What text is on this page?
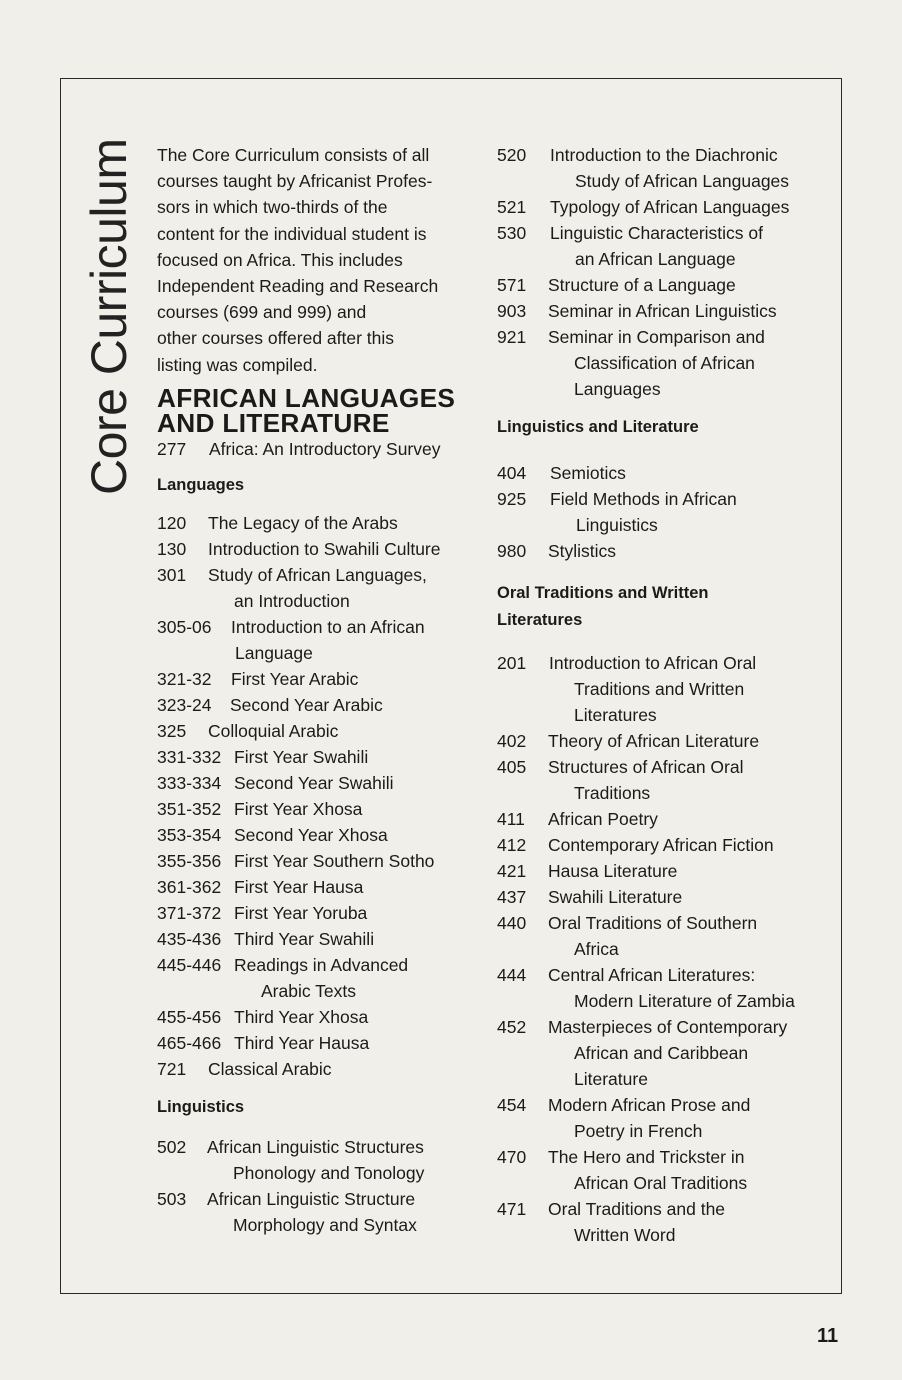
Core Curriculum The Core Curriculum consists of all
courses taught by Africanist Profes-
sors in which two-thirds of the
content for the individual student is
focused on Africa. This includes
Independent Reading and Research
courses (699 and 999) and
other courses offered after this
listing was compiled.

AFRICAN LANGUAGES
AND LITERATURE
277	Africa: An Introductory Survey
Languages
120	The Legacy of the Arabs
130	Introduction to Swahili Culture
301	Study of African Languages,
an Introduction
305-06	Introduction to an African
Language
321-32	First Year Arabic
323-24	Second Year Arabic
325	Colloquial Arabic
331-332 First Year Swahili
333-334 Second Year Swahili
351-352 First Year Xhosa
353-354 Second Year Xhosa
355-356 First Year Southern Sotho
361-362 First Year Hausa
371-372 First Year Yoruba
435-436 Third Year Swahili
445-446 Readings in Advanced
Arabic Texts
455-456 Third Year Xhosa
465-466 Third Year Hausa
721	Classical Arabic
Linguistics
502	African Linguistic Structures
Phonology and Tonology
503	African Linguistic Structure
Morphology and Syntax
520	Introduction to the Diachronic
Study of African Languages
521	Typology of African Languages
530	Linguistic Characteristics of
an African Language
571	Structure of a Language
903	Seminar in African Linguistics
921	Seminar in Comparison and
Classification of African
Languages
Linguistics and Literature
404	Semiotics
925	Field Methods in African
Linguistics
980	Stylistics
Oral Traditions and Written
Literatures
201	Introduction to African Oral
Traditions and Written
Literatures
402	Theory of African Literature
405	Structures of African Oral
Traditions
411	African Poetry
412	Contemporary African Fiction
421	Hausa Literature
437	Swahili Literature
440	Oral Traditions of Southern
Africa
444	Central African Literatures:
Modern Literature of Zambia
452	Masterpieces of Contemporary
African and Caribbean
Literature
454	Modern African Prose and
Poetry in French
470	The Hero and Trickster in
African Oral Traditions
471	Oral Traditions and the
Written Word
11
